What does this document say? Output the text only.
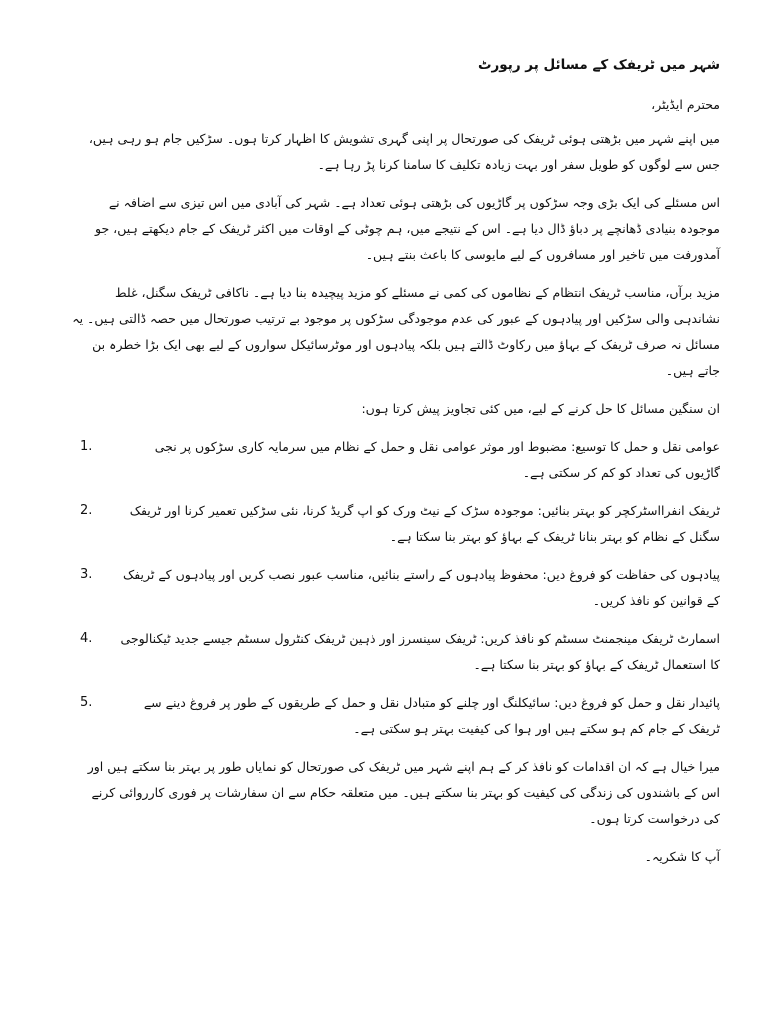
شہر میں ٹریفک کے مسائل پر رپورٹ
محترم ایڈیٹر،

میں اپنے شہر میں بڑھتی ہوئی ٹریفک کی صورتحال پر اپنی گہری تشویش کا اظہار کرتا ہوں۔ سڑکیں جام ہو رہی ہیں، جس سے لوگوں کو طویل سفر اور بہت زیادہ تکلیف کا سامنا کرنا پڑ رہا ہے۔

اس مسئلے کی ایک بڑی وجہ سڑکوں پر گاڑیوں کی بڑھتی ہوئی تعداد ہے۔ شہر کی آبادی میں اس تیزی سے اضافہ نے موجودہ بنیادی ڈھانچے پر دباؤ ڈال دیا ہے۔ اس کے نتیجے میں، ہم چوٹی کے اوقات میں اکثر ٹریفک کے جام دیکھتے ہیں، جو آمدورفت میں تاخیر اور مسافروں کے لیے مایوسی کا باعث بنتے ہیں۔

مزید برآں، مناسب ٹریفک انتظام کے نظاموں کی کمی نے مسئلے کو مزید پیچیدہ بنا دیا ہے۔ ناکافی ٹریفک سگنل، غلط نشاندہی والی سڑکیں اور پیادہوں کے عبور کی عدم موجودگی سڑکوں پر موجود بے ترتیب صورتحال میں حصہ ڈالتی ہیں۔ یہ مسائل نہ صرف ٹریفک کے بہاؤ میں رکاوٹ ڈالتے ہیں بلکہ پیادہوں اور موٹرسائیکل سواروں کے لیے بھی ایک بڑا خطرہ بن جاتے ہیں۔

ان سنگین مسائل کا حل کرنے کے لیے، میں کئی تجاویز پیش کرتا ہوں:
1.	عوامی نقل و حمل کا توسیع: مضبوط اور موثر عوامی نقل و حمل کے نظام میں سرمایہ کاری سڑکوں پر نجی گاڑیوں کی تعداد کو کم کر سکتی ہے۔
2.	ٹریفک انفرااسٹرکچر کو بہتر بنائیں: موجودہ سڑک کے نیٹ ورک کو اپ گریڈ کرنا، نئی سڑکیں تعمیر کرنا اور ٹریفک سگنل کے نظام کو بہتر بنانا ٹریفک کے بہاؤ کو بہتر بنا سکتا ہے۔
3. پیادہوں کی حفاظت کو فروغ دیں: محفوظ پیادہوں کے راستے بنائیں، مناسب عبور نصب کریں اور پیادہوں کے ٹریفک کے قوانین کو نافذ کریں۔
4. اسمارٹ ٹریفک مینجمنٹ سسٹم کو نافذ کریں: ٹریفک سینسرز اور ذہین ٹریفک کنٹرول سسٹم جیسے جدید ٹیکنالوجی کا استعمال ٹریفک کے بہاؤ کو بہتر بنا سکتا ہے۔
5.	پائیدار نقل و حمل کو فروغ دیں: سائیکلنگ اور چلنے کو متبادل نقل و حمل کے طریقوں کے طور پر فروغ دینے سے ٹریفک کے جام کم ہو سکتے ہیں اور ہوا کی کیفیت بہتر ہو سکتی ہے۔

میرا خیال ہے کہ ان اقدامات کو نافذ کر کے ہم اپنے شہر میں ٹریفک کی صورتحال کو نمایاں طور پر بہتر بنا سکتے ہیں اور اس کے باشندوں کی زندگی کی کیفیت کو بہتر بنا سکتے ہیں۔ میں متعلقہ حکام سے ان سفارشات پر فوری کارروائی کرنے کی درخواست کرتا ہوں۔

آپ کا شکریہ۔
